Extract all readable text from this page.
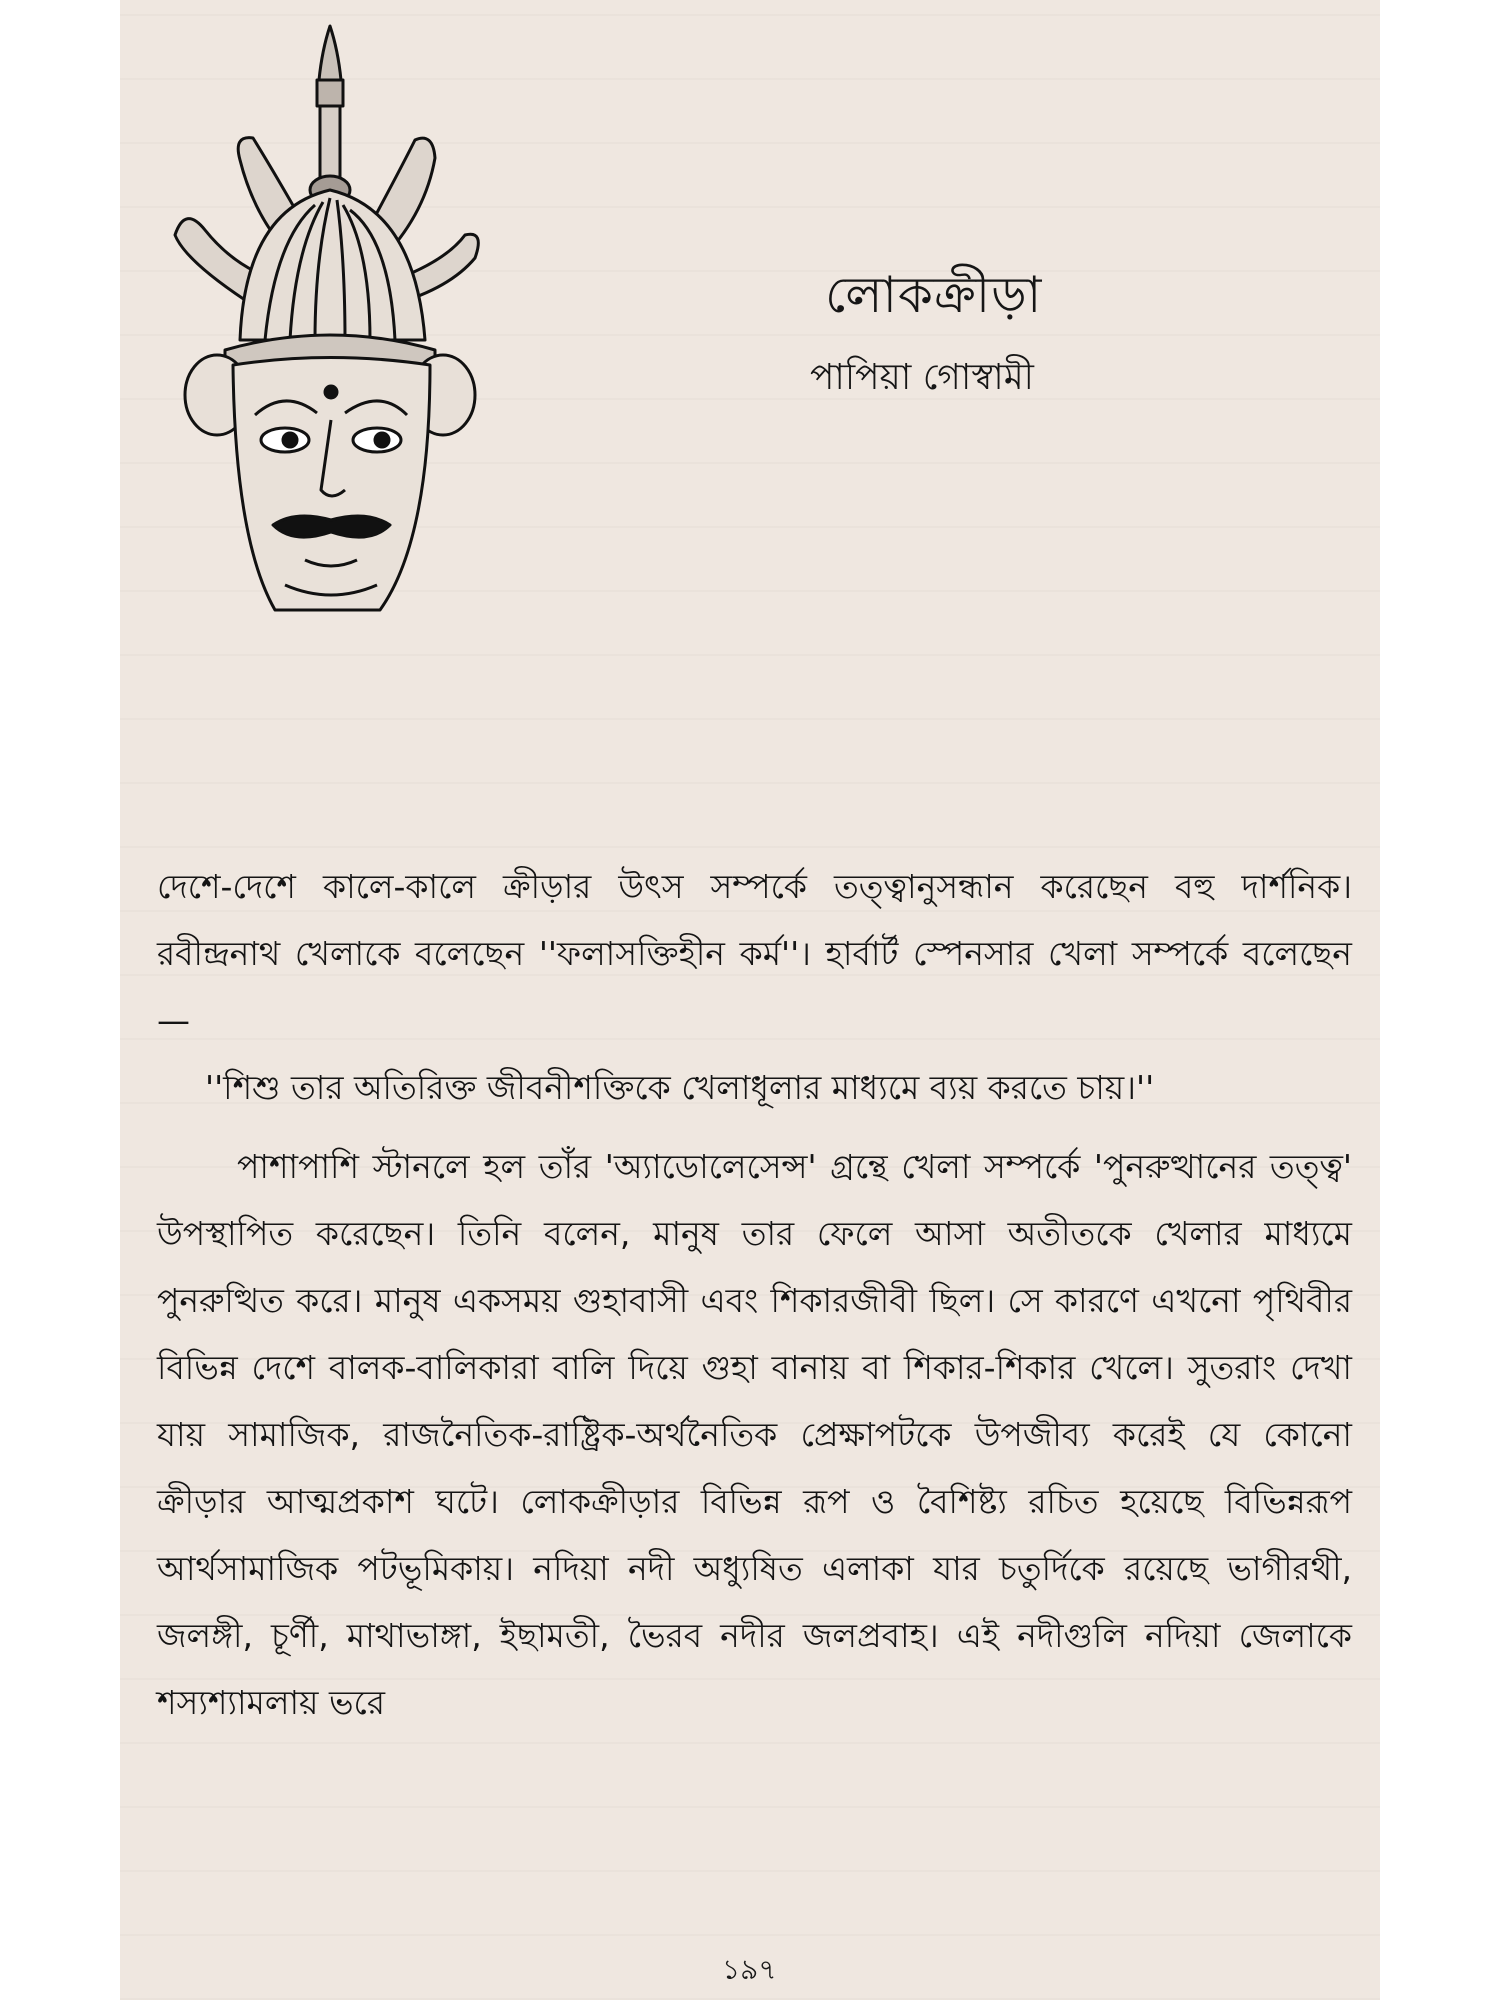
লোকক্রীড়া
পাপিয়া গোস্বামী

দেশে-দেশে কালে-কালে ক্রীড়ার উৎস সম্পর্কে তত্ত্বানুসন্ধান করেছেন বহু দার্শনিক। রবীন্দ্রনাথ খেলাকে বলেছেন ''ফলাসক্তিহীন কর্ম''। হার্বার্ট স্পেনসার খেলা সম্পর্কে বলেছেন —

''শিশু তার অতিরিক্ত জীবনীশক্তিকে খেলাধূলার মাধ্যমে ব্যয় করতে চায়।''

পাশাপাশি স্টানলে হল তাঁর 'অ্যাডোলেসেন্স' গ্রন্থে খেলা সম্পর্কে 'পুনরুত্থানের তত্ত্ব' উপস্থাপিত করেছেন। তিনি বলেন, মানুষ তার ফেলে আসা অতীতকে খেলার মাধ্যমে পুনরুত্থিত করে। মানুষ একসময় গুহাবাসী এবং শিকারজীবী ছিল। সে কারণে এখনো পৃথিবীর বিভিন্ন দেশে বালক-বালিকারা বালি দিয়ে গুহা বানায় বা শিকার-শিকার খেলে। সুতরাং দেখা যায় সামাজিক, রাজনৈতিক-রাষ্ট্রিক-অর্থনৈতিক প্রেক্ষাপটকে উপজীব্য করেই যে কোনো ক্রীড়ার আত্মপ্রকাশ ঘটে। লোকক্রীড়ার বিভিন্ন রূপ ও বৈশিষ্ট্য রচিত হয়েছে বিভিন্নরূপ আর্থসামাজিক পটভূমিকায়। নদিয়া নদী অধ্যুষিত এলাকা যার চতুর্দিকে রয়েছে ভাগীরথী, জলঙ্গী, চূর্ণী, মাথাভাঙ্গা, ইছামতী, ভৈরব নদীর জলপ্রবাহ। এই নদীগুলি নদিয়া জেলাকে শস্যশ্যামলায় ভরে

১৯৭
